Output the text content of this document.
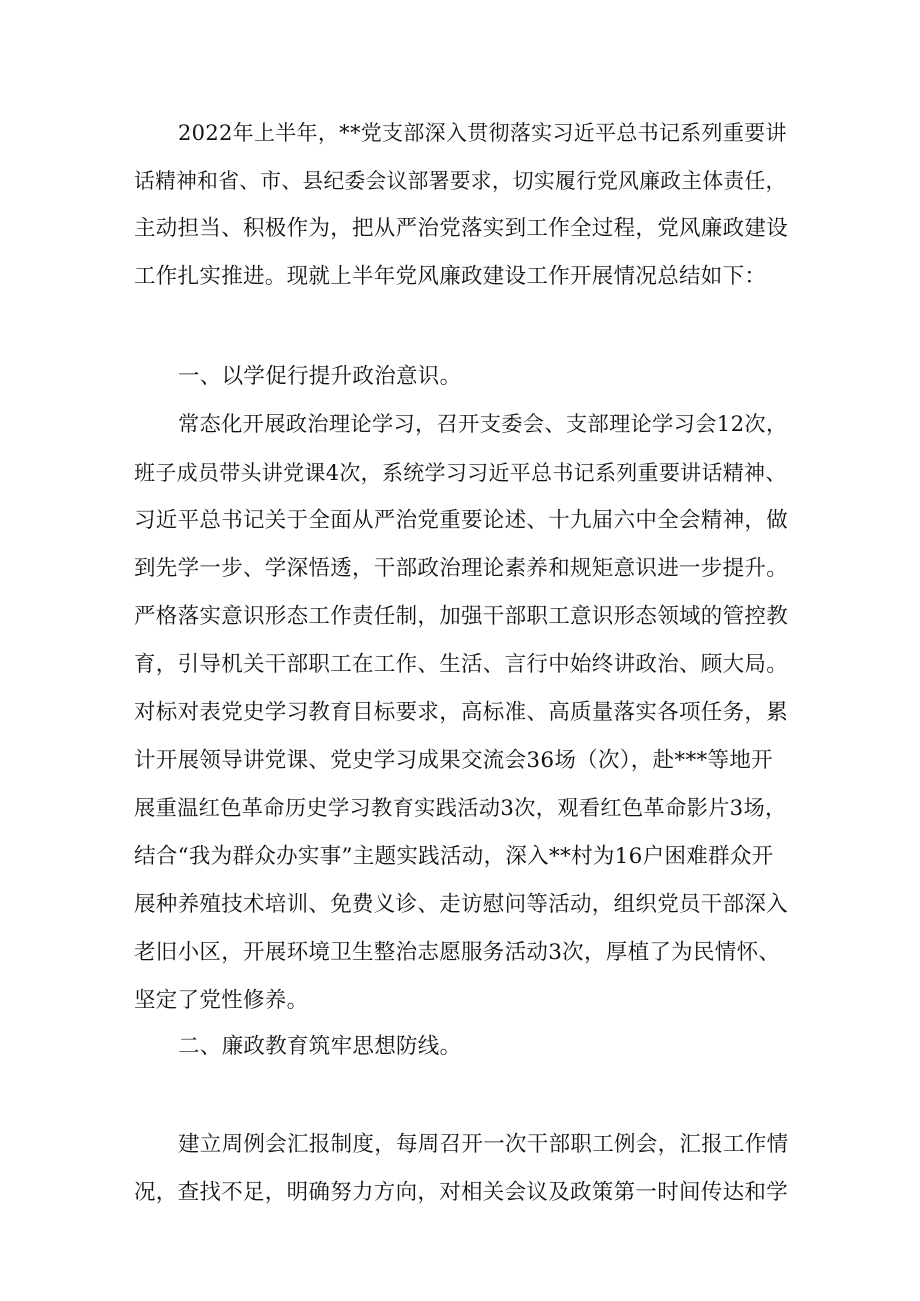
2022年上半年，**党支部深入贯彻落实习近平总书记系列重要讲
话精神和省、市、县纪委会议部署要求，切实履行党风廉政主体责任，
主动担当、积极作为，把从严治党落实到工作全过程，党风廉政建设
工作扎实推进。现就上半年党风廉政建设工作开展情况总结如下：
一、以学促行提升政治意识。
常态化开展政治理论学习，召开支委会、支部理论学习会12次，
班子成员带头讲党课4次，系统学习习近平总书记系列重要讲话精神、
习近平总书记关于全面从严治党重要论述、十九届六中全会精神，做
到先学一步、学深悟透，干部政治理论素养和规矩意识进一步提升。
严格落实意识形态工作责任制，加强干部职工意识形态领域的管控教
育，引导机关干部职工在工作、生活、言行中始终讲政治、顾大局。
对标对表党史学习教育目标要求，高标准、高质量落实各项任务，累
计开展领导讲党课、党史学习成果交流会36场（次），赴***等地开
展重温红色革命历史学习教育实践活动3次，观看红色革命影片3场，
结合“我为群众办实事”主题实践活动，深入**村为16户困难群众开
展种养殖技术培训、免费义诊、走访慰问等活动，组织党员干部深入
老旧小区，开展环境卫生整治志愿服务活动3次，厚植了为民情怀、
坚定了党性修养。
二、廉政教育筑牢思想防线。
建立周例会汇报制度，每周召开一次干部职工例会，汇报工作情
况，查找不足，明确努力方向，对相关会议及政策第一时间传达和学
